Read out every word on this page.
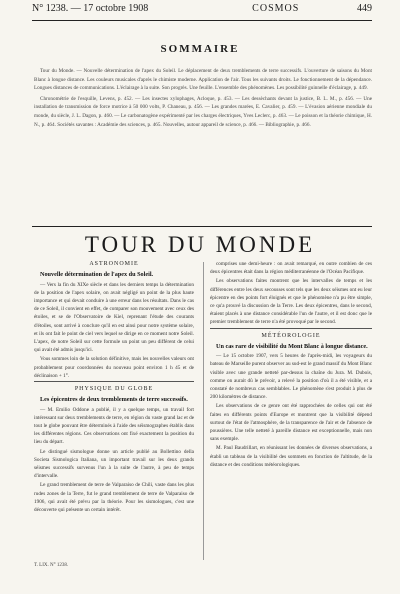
N° 1238. — 17 octobre 1908	COSMOS	449
SOMMAIRE

Tour du Monde. — Nouvelle détermination de l'apex du Soleil. Le déplacement de deux tremblements de terre successifs. L'ouverture de saisons du Mont Blanc à longue distance. Les couleurs musicales d'après le chimiste moderne. Application de l'air. Tous les suivants droits. Le fonctionnement de la dépendance. Longues distances de communications. L'éclairage à la suite. Son progrès. Une feuille. L'ensemble des phénomènes. Les possibilité guinnelle d'éclairage, p. 449.

Chronométrie de l'esquille, Levens, p. 452. — Les insectes xylophages, Acloque, p. 453. — Les dessèchants devant la justice, B. L. M., p. 456. — Une installation de transmission de force motrice à 50 000 volts, P. Chaneau, p. 456. — Les grandes marées, E. Cavalier, p. 459. — L'évasion aérienne mondiale du monde, du siècle, J. L. Dagon, p. 460. — Le carbonatogène expérimenté par les charges électriques, Yves Leclerc, p. 463. — Le poisson et la théorie chimique, H. N., p. 464. Sociétés savantes : Académie des sciences, p. 465. Nouvelles, autour appareil de science, p. 466. — Bibliographie, p. 466.

TOUR DU MONDE
ASTRONOMIE
Nouvelle détermination de l'apex du Soleil.

— Vers la fin du XIXe siècle et dans les derniers temps la détermination de la position de l'apex solaire, on avait négligé un point de la plus haute importance et qui devait conduire à une erreur dans les résultats. Dans le cas de ce Soleil, il convient en effet, de comparer son mouvement avec ceux des étoiles, et se de l'Observatoire de Kiel, reprenant l'étude des courants d'étoiles, sont arrivé à conclure qu'il en est ainsi pour notre système solaire, et ils ont fait le point de ciel vers lequel se dirige en ce moment notre Soleil. L'apex, de notre Soleil sur cette formule un point un peu différent de celui qui avait été admis jusqu'ici.

Vous sommes loin de la solution définitive, mais les nouvelles valeurs ont probablement pour coordonnées du nouveau point environ 1 h 45 et de déclinaison + 1°.

PHYSIQUE DU GLOBE
Les épicentres de deux tremblements de terre successifs.

— M. Emilio Oddone a publié, il y a quelque temps, un travail fort intéressant sur deux tremblements de terre, en région du vaste grand lac et de tout le globe pouvant être déterminés à l'aide des séismographes établis dans les différentes régions. Ces observations ont fixé exactement la position du lieu du départ.

Le distingué sismologue donne un article publié au Bollettino della Societa Sismologica Italiana, un important travail sur les deux grands séismes successifs survenus l'un à la suite de l'autre, à peu de temps d'intervalle.

Le grand tremblement de terre de Valparaiso de Chili, vaste dans les plus rudes zones de la Terre, fut le grand tremblement de terre de Valparaiso de 1906, qui avait été prévu par la théorie. Pour les sismologues, c'est une découverte qui présente un certain intérêt.

comprises une demi-heure : on avait remarqué, en outre combien de ces deux épicentres était dans la région méditerranéenne de l'Océan Pacifique.

Les observations faites montrent que les intervalles de temps et les différences entre les deux secousses sont tels que les deux séismes ont eu leur épicentre en des points fort éloignés et que le phénomène n'a pu être simple, ce qu'a prouvé la discussion de la Terre. Les deux épicentres, dans le second, étaient placés à une distance considérable l'un de l'autre, et il est donc que le premier tremblement de terre n'a été provoqué par le second.

MÉTÉOROLOGIE
Un cas rare de visibilité du Mont Blanc à longue distance.

— Le 15 octobre 1907, vers 5 heures de l'après-midi, les voyageurs du bateau de Marseille purent observer au sud-est le grand massif du Mont Blanc visible avec une grande netteté par-dessus la chaîne du Jura. M. Dubois, comme on aurait dû le prévoir, a relevé la position d'où il a été visible, et a constaté de nombreux cas semblables. Le phénomène s'est produit à plus de 200 kilomètres de distance.

Les observations de ce genre ont été rapprochées de celles qui ont été faites en différents points d'Europe et montrent que la visibilité dépend surtout de l'état de l'atmosphère, de la transparence de l'air et de l'absence de poussières. Une telle netteté à pareille distance est exceptionnelle, mais non sans exemple.

M. Paul Baudrillart, en réunissant les données de diverses observations, a établi un tableau de la visibilité des sommets en fonction de l'altitude, de la distance et des conditions météorologiques.

T. LIX. N° 1238.
